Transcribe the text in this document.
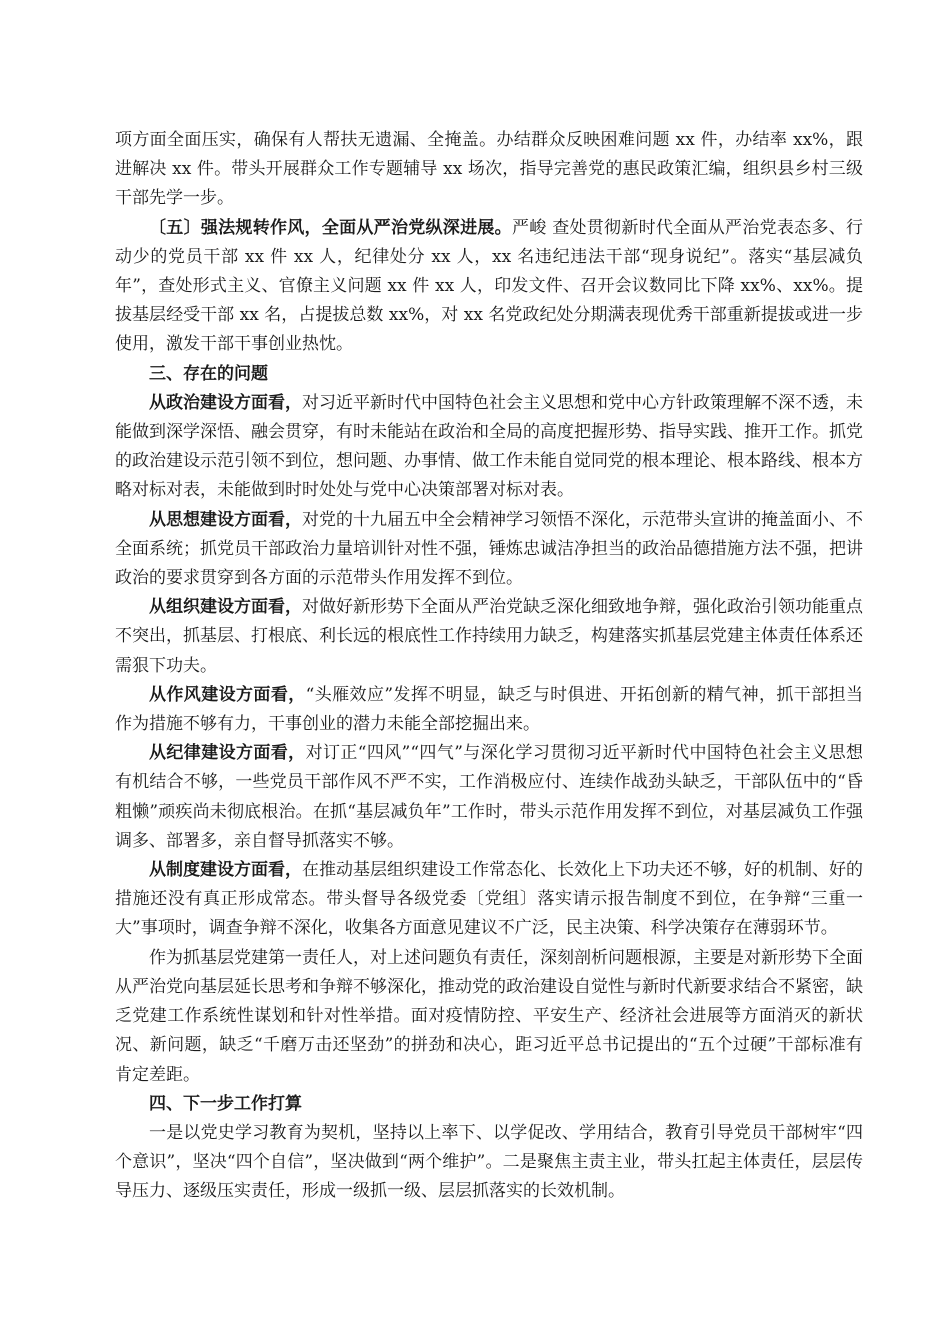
项方面全面压实，确保有人帮扶无遗漏、全掩盖。办结群众反映困难问题 xx 件，办结率 xx%，跟进解决 xx 件。带头开展群众工作专题辅导 xx 场次，指导完善党的惠民政策汇编，组织县乡村三级干部先学一步。

〔五〕强法规转作风，全面从严治党纵深进展。严峻 查处贯彻新时代全面从严治党表态多、行动少的党员干部 xx 件 xx 人，纪律处分 xx 人，xx 名违纪违法干部“现身说纪”。落实“基层减负年”，查处形式主义、官僚主义问题 xx 件 xx 人，印发文件、召开会议数同比下降 xx%、xx%。提拔基层经受干部 xx 名，占提拔总数 xx%，对 xx 名党政纪处分期满表现优秀干部重新提拔或进一步使用，激发干部干事创业热忱。

三、存在的问题

从政治建设方面看，对习近平新时代中国特色社会主义思想和党中心方针政策理解不深不透，未能做到深学深悟、融会贯穿，有时未能站在政治和全局的高度把握形势、指导实践、推开工作。抓党的政治建设示范引领不到位，想问题、办事情、做工作未能自觉同党的根本理论、根本路线、根本方略对标对表，未能做到时时处处与党中心决策部署对标对表。

从思想建设方面看，对党的十九届五中全会精神学习领悟不深化，示范带头宣讲的掩盖面小、不全面系统；抓党员干部政治力量培训针对性不强，锤炼忠诚洁净担当的政治品德措施方法不强，把讲政治的要求贯穿到各方面的示范带头作用发挥不到位。

从组织建设方面看，对做好新形势下全面从严治党缺乏深化细致地争辩，强化政治引领功能重点不突出，抓基层、打根底、利长远的根底性工作持续用力缺乏，构建落实抓基层党建主体责任体系还需狠下功夫。

从作风建设方面看，“头雁效应”发挥不明显，缺乏与时俱进、开拓创新的精气神，抓干部担当作为措施不够有力，干事创业的潜力未能全部挖掘出来。

从纪律建设方面看，对订正“四风”“四气”与深化学习贯彻习近平新时代中国特色社会主义思想有机结合不够，一些党员干部作风不严不实，工作消极应付、连续作战劲头缺乏，干部队伍中的“昏粗懒”顽疾尚未彻底根治。在抓“基层减负年”工作时，带头示范作用发挥不到位，对基层减负工作强调多、部署多，亲自督导抓落实不够。

从制度建设方面看，在推动基层组织建设工作常态化、长效化上下功夫还不够，好的机制、好的措施还没有真正形成常态。带头督导各级党委〔党组〕落实请示报告制度不到位，在争辩“三重一大”事项时，调查争辩不深化，收集各方面意见建议不广泛，民主决策、科学决策存在薄弱环节。

作为抓基层党建第一责任人，对上述问题负有责任，深刻剖析问题根源，主要是对新形势下全面从严治党向基层延长思考和争辩不够深化，推动党的政治建设自觉性与新时代新要求结合不紧密，缺乏党建工作系统性谋划和针对性举措。面对疫情防控、平安生产、经济社会进展等方面消灭的新状况、新问题，缺乏“千磨万击还坚劲”的拼劲和决心，距习近平总书记提出的“五个过硬”干部标准有肯定差距。

四、下一步工作打算

一是以党史学习教育为契机，坚持以上率下、以学促改、学用结合，教育引导党员干部树牢“四个意识”，坚决“四个自信”，坚决做到“两个维护”。二是聚焦主责主业，带头扛起主体责任，层层传导压力、逐级压实责任，形成一级抓一级、层层抓落实的长效机制。
